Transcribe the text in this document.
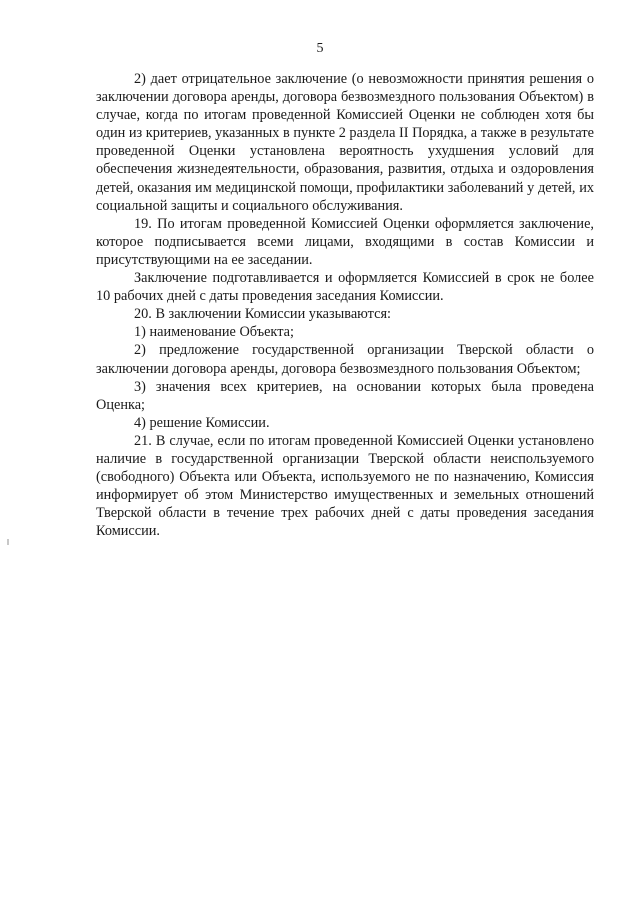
5

2) дает отрицательное заключение (о невозможности принятия решения о заключении договора аренды, договора безвозмездного пользования Объектом) в случае, когда по итогам проведенной Комиссией Оценки не соблюден хотя бы один из критериев, указанных в пункте 2 раздела II Порядка, а также в результате проведенной Оценки установлена вероятность ухудшения условий для обеспечения жизнедеятельности, образования, развития, отдыха и оздоровления детей, оказания им медицинской помощи, профилактики заболеваний у детей, их социальной защиты и социального обслуживания.

19. По итогам проведенной Комиссией Оценки оформляется заключение, которое подписывается всеми лицами, входящими в состав Комиссии и присутствующими на ее заседании.

Заключение подготавливается и оформляется Комиссией в срок не более 10 рабочих дней с даты проведения заседания Комиссии.

20. В заключении Комиссии указываются:

1) наименование Объекта;

2) предложение государственной организации Тверской области о заключении договора аренды, договора безвозмездного пользования Объектом;

3) значения всех критериев, на основании которых была проведена Оценка;

4) решение Комиссии.

21. В случае, если по итогам проведенной Комиссией Оценки установлено наличие в государственной организации Тверской области неиспользуемого (свободного) Объекта или Объекта, используемого не по назначению, Комиссия информирует об этом Министерство имущественных и земельных отношений Тверской области в течение трех рабочих дней с даты проведения заседания Комиссии.
